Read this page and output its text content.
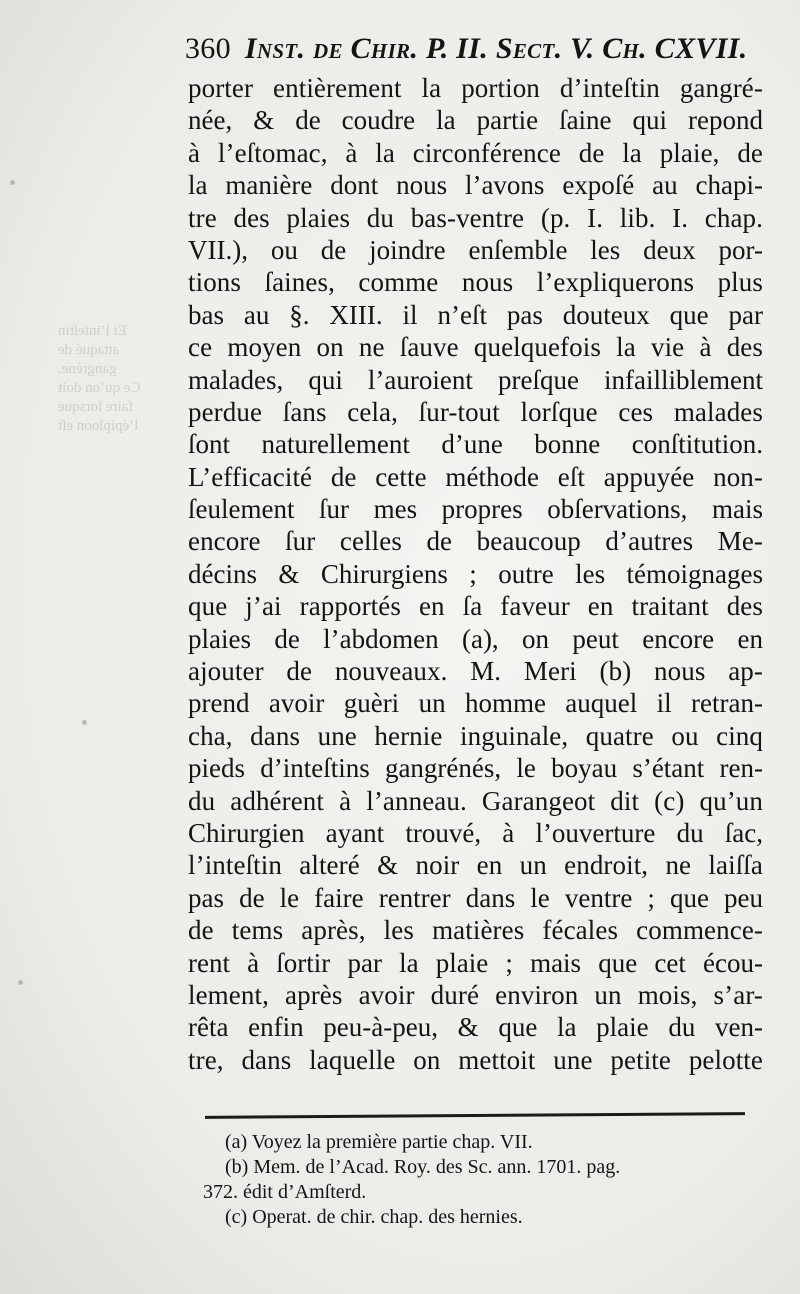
Et l’inteſtin
attaqué de
gangrène.
Ce qu’on doit
faire lorsque
l’épiploon eſt
360 Inst. de Chir. P. II. Sect. V. Ch. CXVII.
porter entièrement la portion d’inteſtin gangré-
née, & de coudre la partie ſaine qui repond
à l’eſtomac, à la circonférence de la plaie, de
la manière dont nous l’avons expoſé au chapi-
tre des plaies du bas-ventre (p. I. lib. I. chap.
VII.), ou de joindre enſemble les deux por-
tions ſaines, comme nous l’expliquerons plus
bas au §. XIII. il n’eſt pas douteux que par
ce moyen on ne ſauve quelquefois la vie à des
malades, qui l’auroient preſque infailliblement
perdue ſans cela, ſur-tout lorſque ces malades
ſont naturellement d’une bonne conſtitution.
L’efficacité de cette méthode eſt appuyée non-
ſeulement ſur mes propres obſervations, mais
encore ſur celles de beaucoup d’autres Me-
décins & Chirurgiens ; outre les témoignages
que j’ai rapportés en ſa faveur en traitant des
plaies de l’abdomen (a), on peut encore en
ajouter de nouveaux. M. Meri (b) nous ap-
prend avoir guèri un homme auquel il retran-
cha, dans une hernie inguinale, quatre ou cinq
pieds d’inteſtins gangrénés, le boyau s’étant ren-
du adhérent à l’anneau. Garangeot dit (c) qu’un
Chirurgien ayant trouvé, à l’ouverture du ſac,
l’inteſtin alteré & noir en un endroit, ne laiſſa
pas de le faire rentrer dans le ventre ; que peu
de tems après, les matières fécales commence-
rent à ſortir par la plaie ; mais que cet écou-
lement, après avoir duré environ un mois, s’ar-
rêta enfin peu-à-peu, & que la plaie du ven-
tre, dans laquelle on mettoit une petite pelotte
(a) Voyez la première partie chap. VII.
(b) Mem. de l’Acad. Roy. des Sc. ann. 1701. pag.
372. édit d’Amſterd.
(c) Operat. de chir. chap. des hernies.
